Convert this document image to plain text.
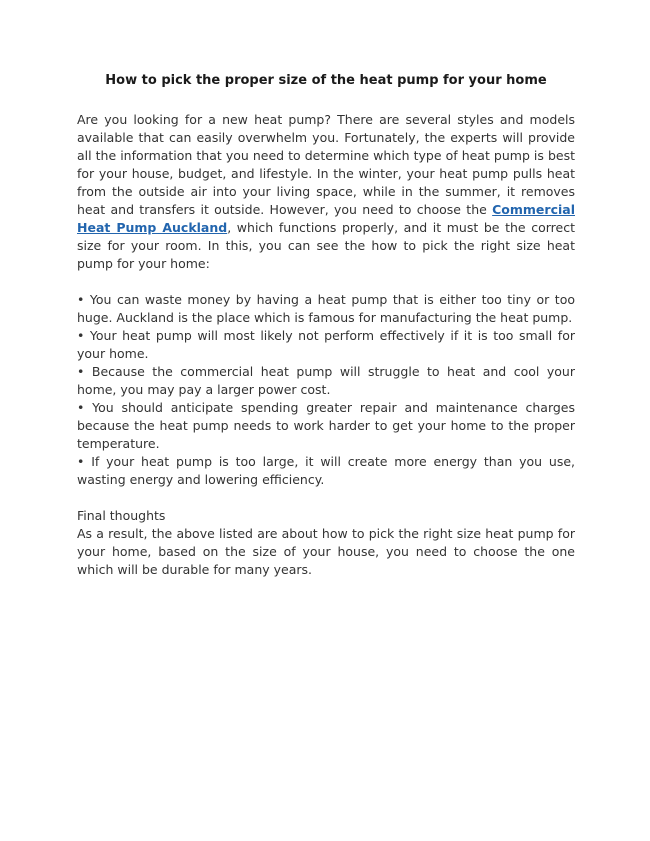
How to pick the proper size of the heat pump for your home

Are you looking for a new heat pump? There are several styles and models available that can easily overwhelm you. Fortunately, the experts will provide all the information that you need to determine which type of heat pump is best for your house, budget, and lifestyle. In the winter, your heat pump pulls heat from the outside air into your living space, while in the summer, it removes heat and transfers it outside. However, you need to choose the Commercial Heat Pump Auckland, which functions properly, and it must be the correct size for your room. In this, you can see the how to pick the right size heat pump for your home:

• You can waste money by having a heat pump that is either too tiny or too huge. Auckland is the place which is famous for manufacturing the heat pump.

• Your heat pump will most likely not perform effectively if it is too small for your home.

• Because the commercial heat pump will struggle to heat and cool your home, you may pay a larger power cost.

• You should anticipate spending greater repair and maintenance charges because the heat pump needs to work harder to get your home to the proper temperature.

• If your heat pump is too large, it will create more energy than you use, wasting energy and lowering efficiency.

Final thoughts

As a result, the above listed are about how to pick the right size heat pump for your home, based on the size of your house, you need to choose the one which will be durable for many years.
